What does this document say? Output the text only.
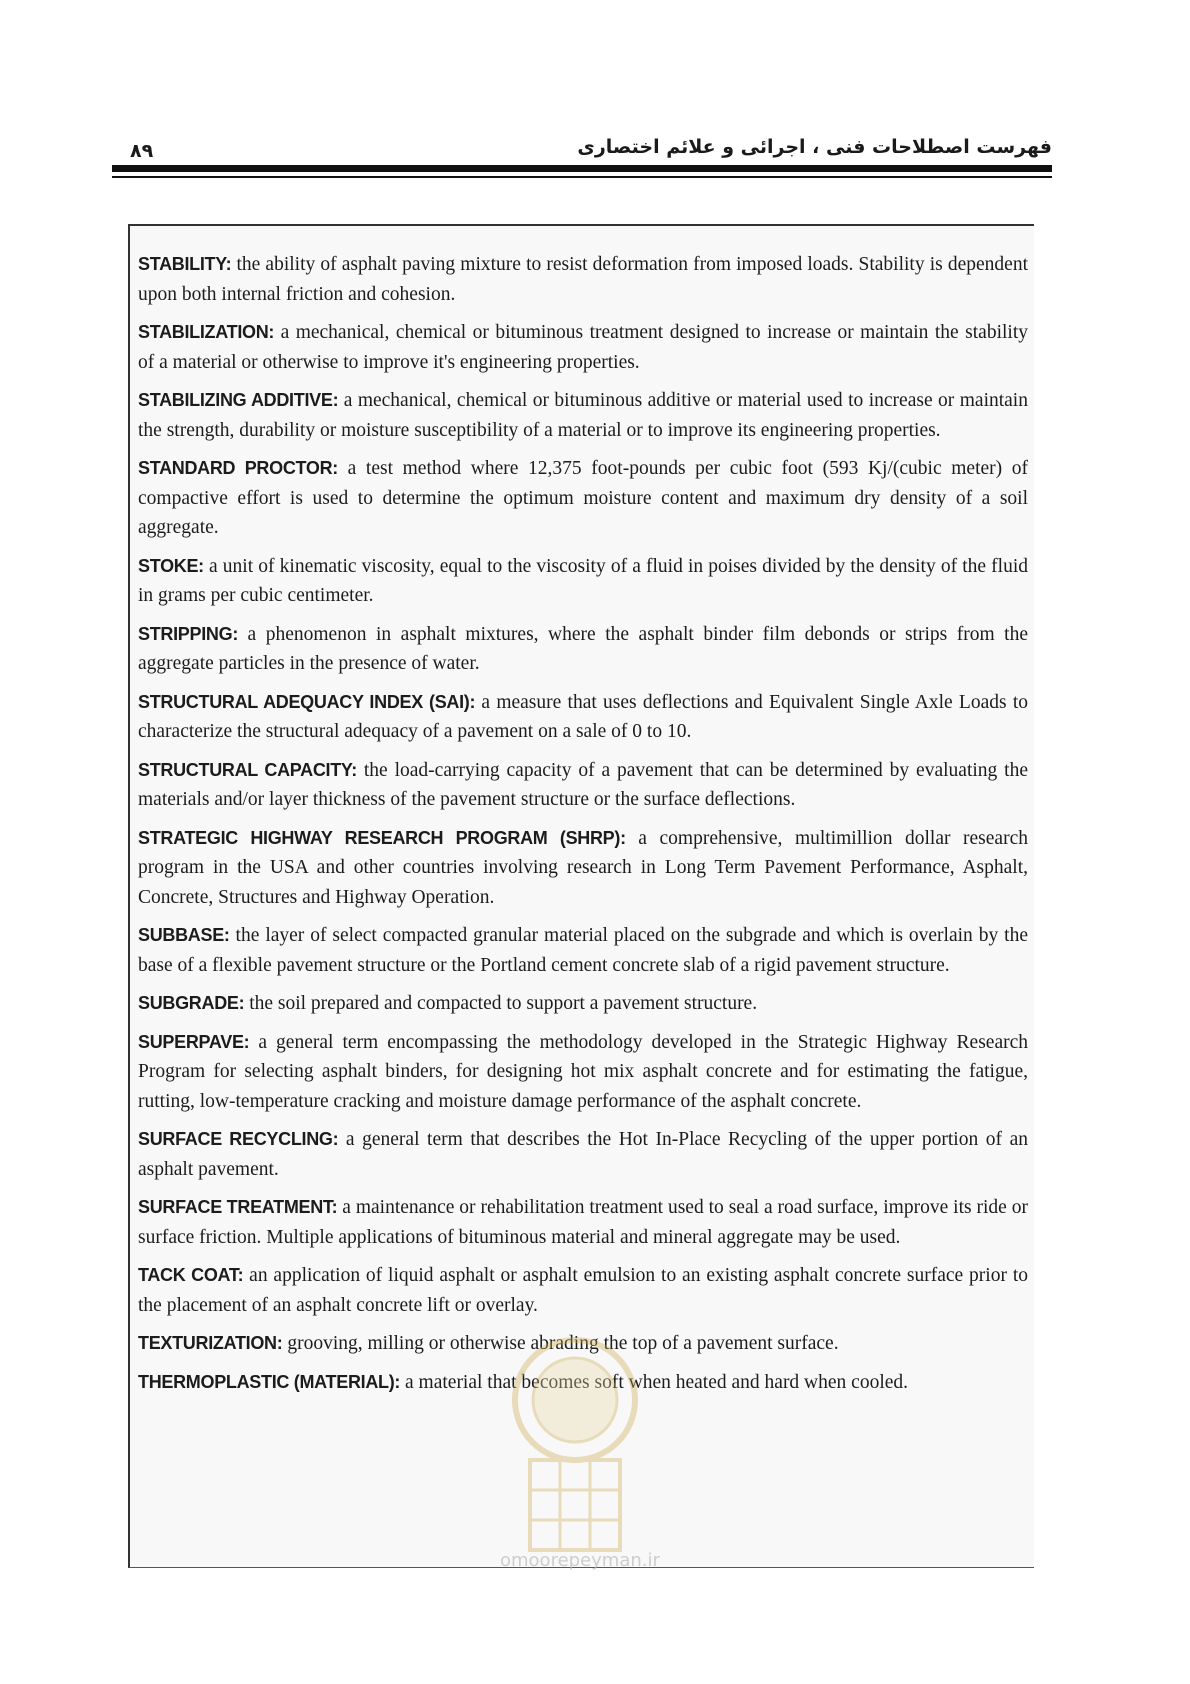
۸۹	فهرست اصطلاحات فنی ، اجرائی و علائم اختصاری

STABILITY: the ability of asphalt paving mixture to resist deformation from imposed loads. Stability is dependent upon both internal friction and cohesion.

STABILIZATION: a mechanical, chemical or bituminous treatment designed to increase or maintain the stability of a material or otherwise to improve it's engineering properties.

STABILIZING ADDITIVE: a mechanical, chemical or bituminous additive or material used to increase or maintain the strength, durability or moisture susceptibility of a material or to improve its engineering properties.

STANDARD PROCTOR: a test method where 12,375 foot-pounds per cubic foot (593 Kj/(cubic meter) of compactive effort is used to determine the optimum moisture content and maximum dry density of a soil aggregate.

STOKE: a unit of kinematic viscosity, equal to the viscosity of a fluid in poises divided by the density of the fluid in grams per cubic centimeter.

STRIPPING: a phenomenon in asphalt mixtures, where the asphalt binder film debonds or strips from the aggregate particles in the presence of water.

STRUCTURAL ADEQUACY INDEX (SAI): a measure that uses deflections and Equivalent Single Axle Loads to characterize the structural adequacy of a pavement on a sale of 0 to 10.

STRUCTURAL CAPACITY: the load-carrying capacity of a pavement that can be determined by evaluating the materials and/or layer thickness of the pavement structure or the surface deflections.

STRATEGIC HIGHWAY RESEARCH PROGRAM (SHRP): a comprehensive, multimillion dollar research program in the USA and other countries involving research in Long Term Pavement Performance, Asphalt, Concrete, Structures and Highway Operation.

SUBBASE: the layer of select compacted granular material placed on the subgrade and which is overlain by the base of a flexible pavement structure or the Portland cement concrete slab of a rigid pavement structure.

SUBGRADE: the soil prepared and compacted to support a pavement structure.

SUPERPAVE: a general term encompassing the methodology developed in the Strategic Highway Research Program for selecting asphalt binders, for designing hot mix asphalt concrete and for estimating the fatigue, rutting, low-temperature cracking and moisture damage performance of the asphalt concrete.

SURFACE RECYCLING: a general term that describes the Hot In-Place Recycling of the upper portion of an asphalt pavement.

SURFACE TREATMENT: a maintenance or rehabilitation treatment used to seal a road surface, improve its ride or surface friction. Multiple applications of bituminous material and mineral aggregate may be used.

TACK COAT: an application of liquid asphalt or asphalt emulsion to an existing asphalt concrete surface prior to the placement of an asphalt concrete lift or overlay.

TEXTURIZATION: grooving, milling or otherwise abrading the top of a pavement surface.

THERMOPLASTIC (MATERIAL): a material that becomes soft when heated and hard when cooled.

omoorepeyman.ir
